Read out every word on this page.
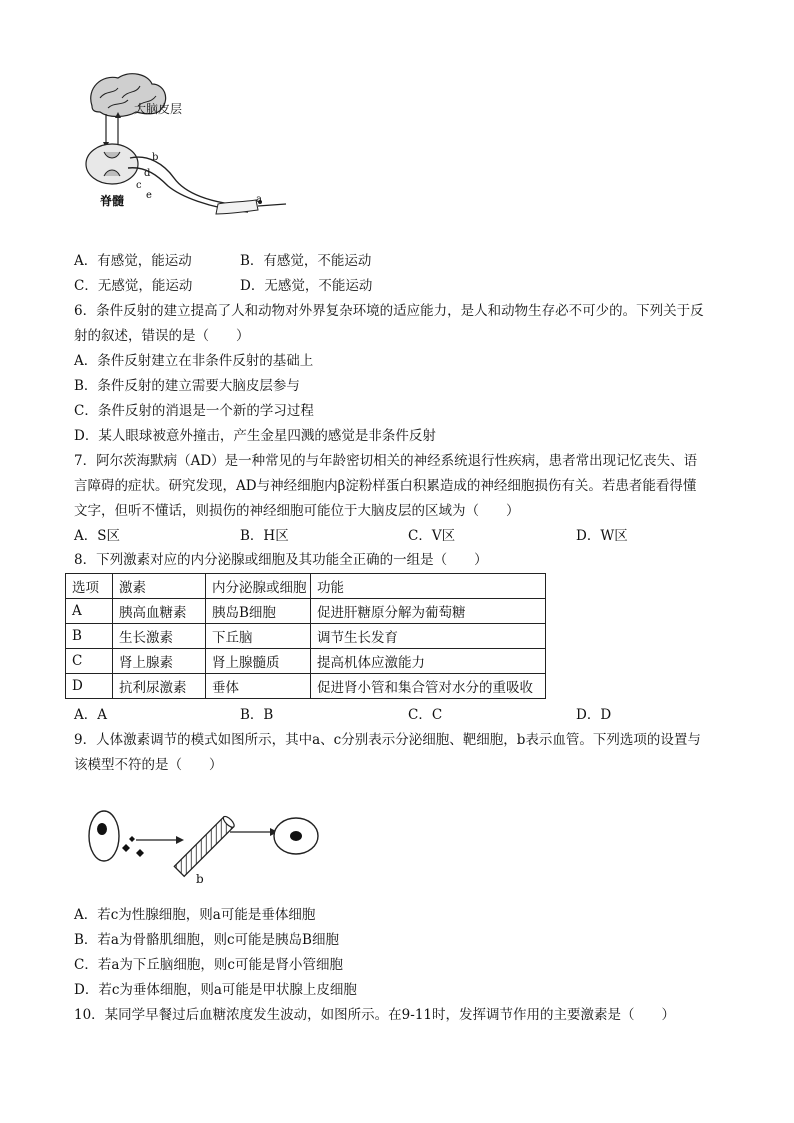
大脑皮层
脊髓
b
d
c
e	a
A．有感觉，能运动	B．有感觉，不能运动
C．无感觉，能运动	D．无感觉，不能运动
6．条件反射的建立提高了人和动物对外界复杂环境的适应能力，是人和动物生存必不可少的。下列关于反
射的叙述，错误的是（　　）
A．条件反射建立在非条件反射的基础上
B．条件反射的建立需要大脑皮层参与
C．条件反射的消退是一个新的学习过程
D．某人眼球被意外撞击，产生金星四溅的感觉是非条件反射
7．阿尔茨海默病（AD）是一种常见的与年龄密切相关的神经系统退行性疾病，患者常出现记忆丧失、语
言障碍的症状。研究发现，AD与神经细胞内β淀粉样蛋白积累造成的神经细胞损伤有关。若患者能看得懂
文字，但听不懂话，则损伤的神经细胞可能位于大脑皮层的区域为（　　）
A．S区	B．H区	C．V区	D．W区
8．下列激素对应的内分泌腺或细胞及其功能全正确的一组是（　　）
选项	激素	内分泌腺或细胞	功能
A	胰高血糖素	胰岛B细胞	促进肝糖原分解为葡萄糖
B	生长激素	下丘脑	调节生长发育
C	肾上腺素	肾上腺髓质	提高机体应激能力
D	抗利尿激素	垂体	促进肾小管和集合管对水分的重吸收
A．A	B．B	C．C	D．D
9．人体激素调节的模式如图所示，其中a、c分别表示分泌细胞、靶细胞，b表示血管。下列选项的设置与
该模型不符的是（　　）
b
A．若c为性腺细胞，则a可能是垂体细胞
B．若a为骨骼肌细胞，则c可能是胰岛B细胞
C．若a为下丘脑细胞，则c可能是肾小管细胞
D．若c为垂体细胞，则a可能是甲状腺上皮细胞
10．某同学早餐过后血糖浓度发生波动，如图所示。在9-11时，发挥调节作用的主要激素是（　　）
